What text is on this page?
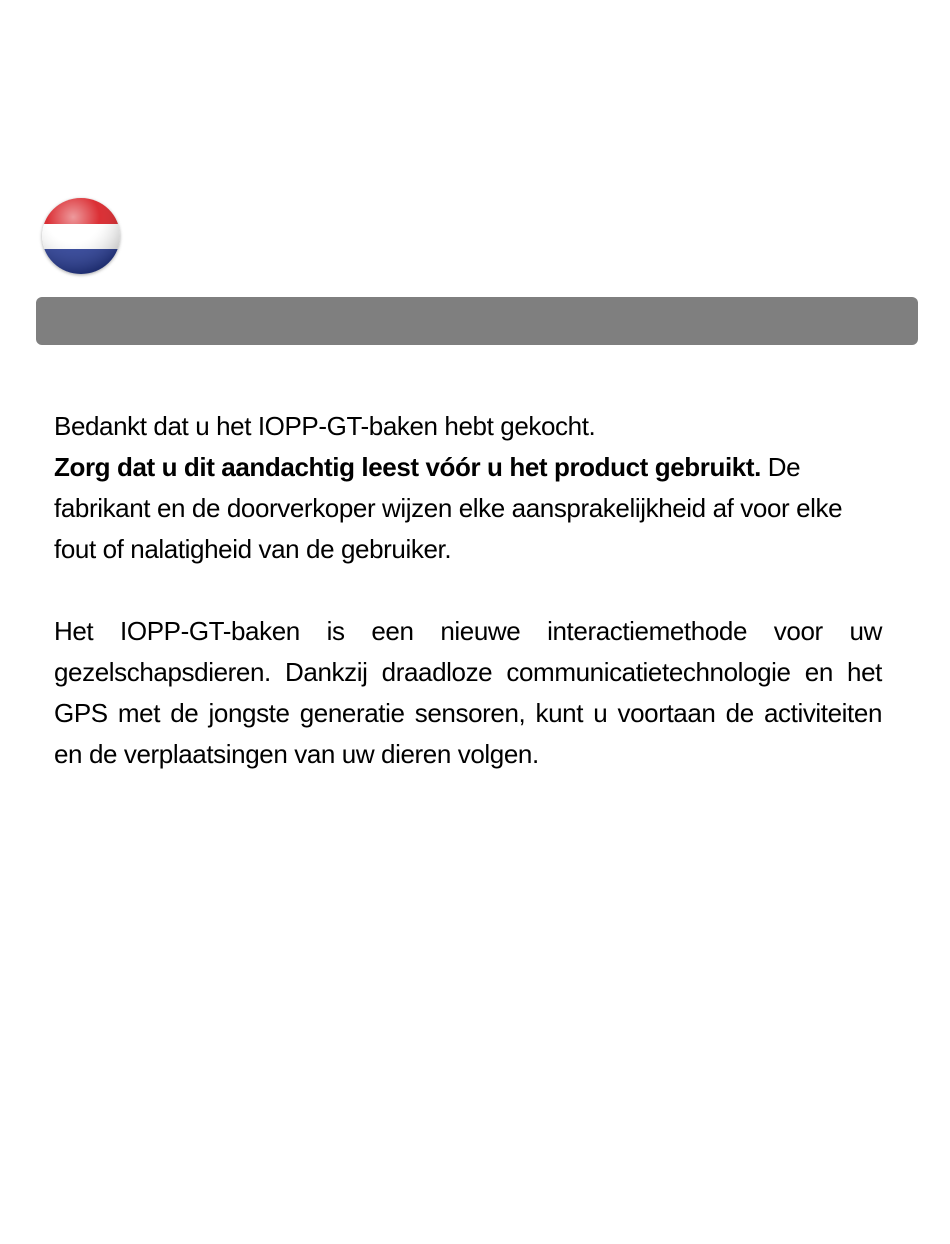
Bedankt dat u het IOPP-GT-baken hebt gekocht.
Zorg dat u dit aandachtig leest vóór u het product gebruikt. De fabrikant en de doorverkoper wijzen elke aansprakelijkheid af voor elke fout of nalatigheid van de gebruiker.

Het IOPP-GT-baken is een nieuwe interactiemethode voor uw gezelschapsdieren. Dankzij draadloze communicatietechnologie en het GPS met de jongste generatie sensoren, kunt u voortaan de activiteiten en de verplaatsingen van uw dieren volgen.
